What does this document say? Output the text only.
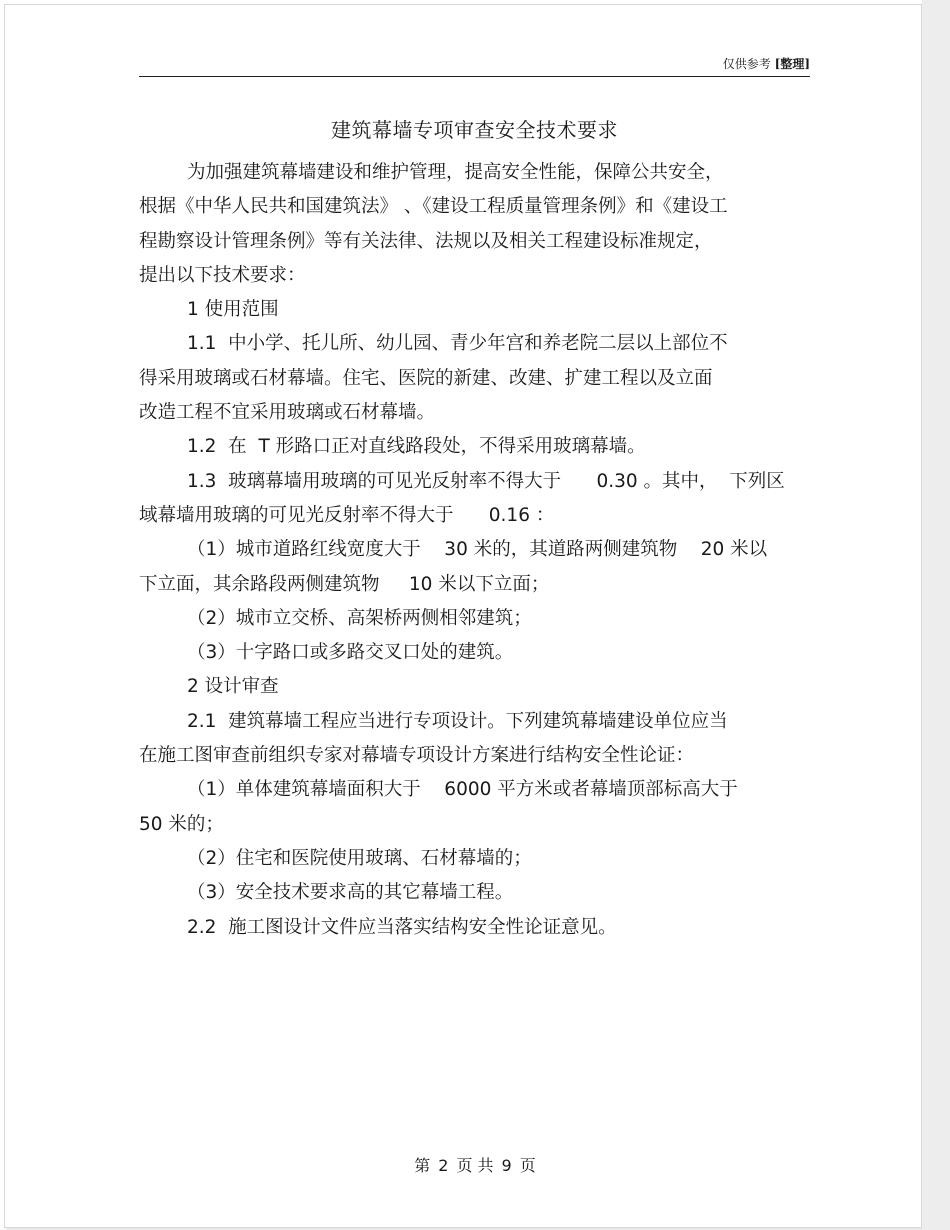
仅供参考 [整理]
建筑幕墙专项审查安全技术要求
为加强建筑幕墙建设和维护管理，提高安全性能，保障公共安全，
根据《中华人民共和国建筑法》 、《建设工程质量管理条例》和《建设工
程勘察设计管理条例》等有关法律、法规以及相关工程建设标准规定，
提出以下技术要求：
1 使用范围
1.1  中小学、托儿所、幼儿园、青少年宫和养老院二层以上部位不
得采用玻璃或石材幕墙。住宅、医院的新建、改建、扩建工程以及立面
改造工程不宜采用玻璃或石材幕墙。
1.2  在  T 形路口正对直线路段处，不得采用玻璃幕墙。
1.3  玻璃幕墙用玻璃的可见光反射率不得大于      0.30 。其中，  下列区
域幕墙用玻璃的可见光反射率不得大于      0.16 ：
（1）城市道路红线宽度大于    30 米的，其道路两侧建筑物    20 米以
下立面，其余路段两侧建筑物     10 米以下立面；
（2）城市立交桥、高架桥两侧相邻建筑；
（3）十字路口或多路交叉口处的建筑。
2 设计审查
2.1  建筑幕墙工程应当进行专项设计。下列建筑幕墙建设单位应当
在施工图审查前组织专家对幕墙专项设计方案进行结构安全性论证：
（1）单体建筑幕墙面积大于    6000 平方米或者幕墙顶部标高大于
50 米的；
（2）住宅和医院使用玻璃、石材幕墙的；
（3）安全技术要求高的其它幕墙工程。
2.2  施工图设计文件应当落实结构安全性论证意见。
第 2 页 共 9 页
